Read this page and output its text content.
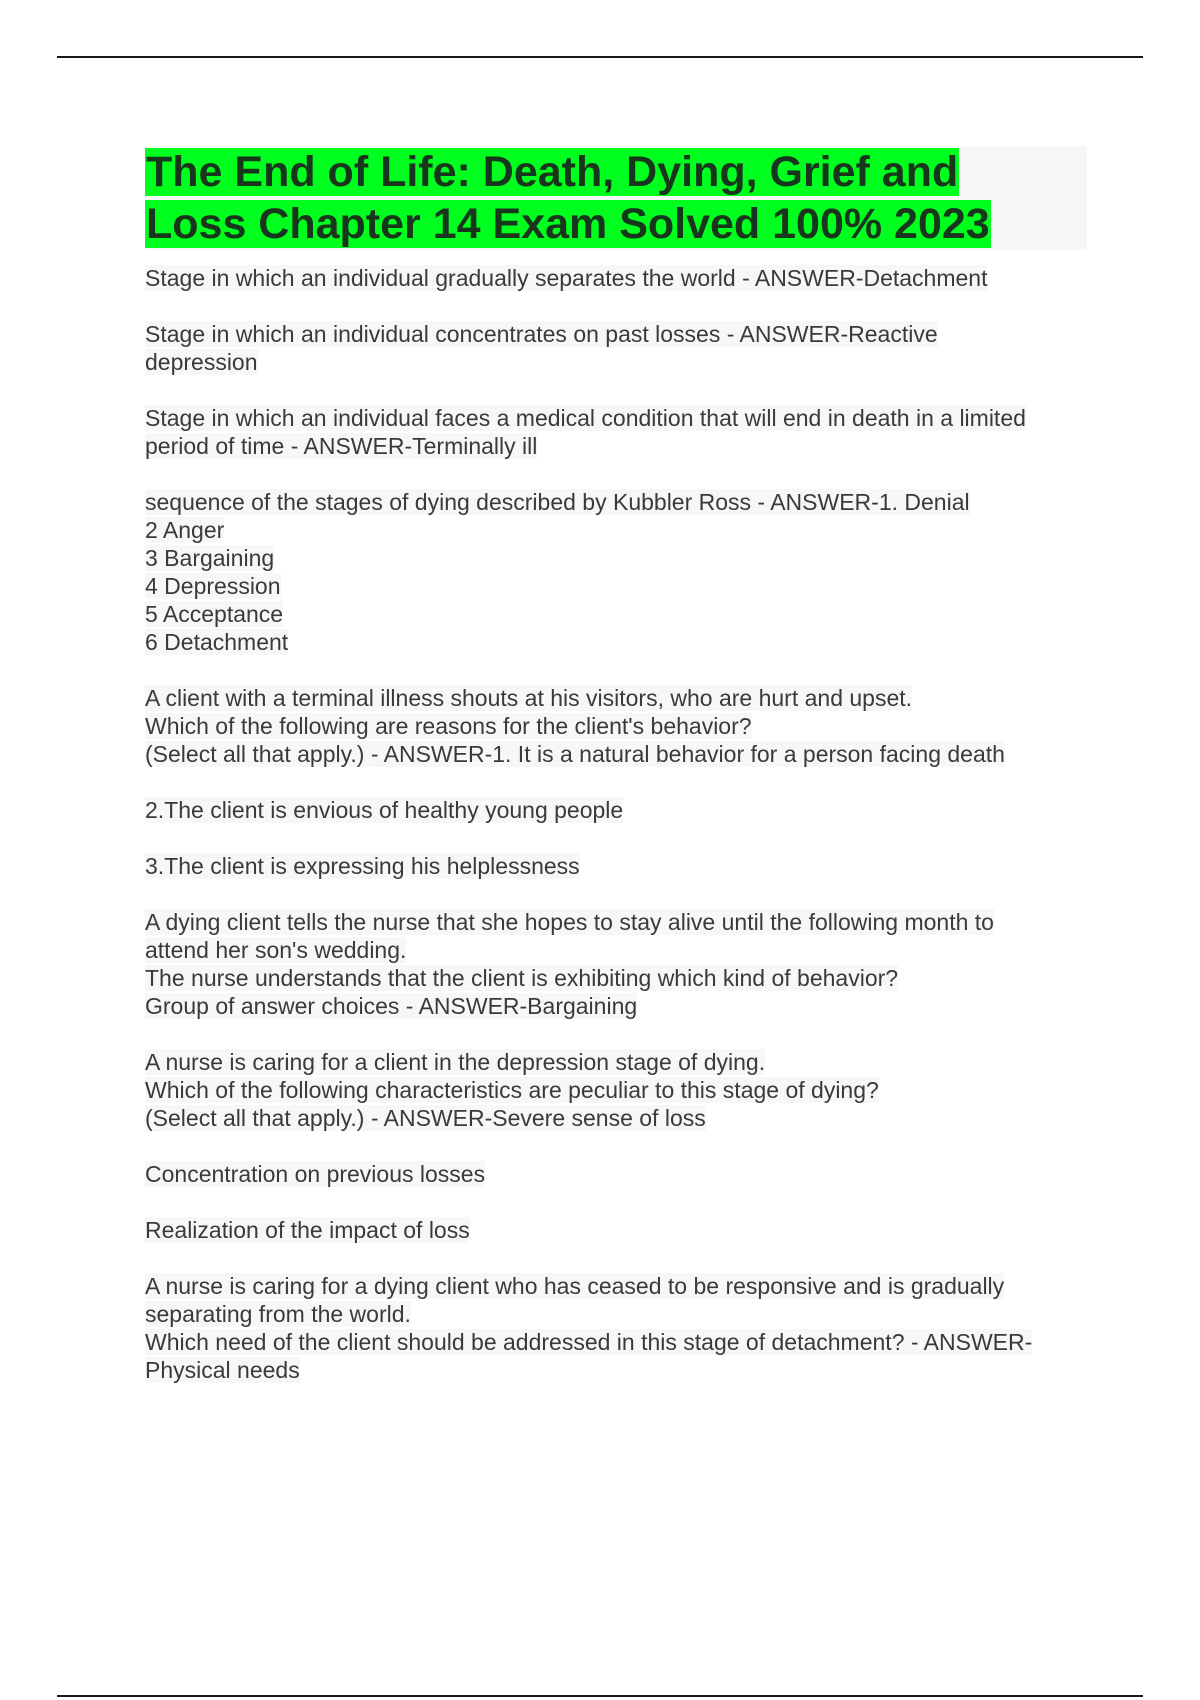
The End of Life: Death, Dying, Grief and
Loss Chapter 14 Exam Solved 100% 2023
Stage in which an individual gradually separates the world - ANSWER-Detachment
Stage in which an individual concentrates on past losses - ANSWER-Reactive
depression
Stage in which an individual faces a medical condition that will end in death in a limited
period of time - ANSWER-Terminally ill
sequence of the stages of dying described by Kubbler Ross - ANSWER-1. Denial
2 Anger
3 Bargaining
4 Depression
5 Acceptance
6 Detachment
A client with a terminal illness shouts at his visitors, who are hurt and upset.
Which of the following are reasons for the client's behavior?
(Select all that apply.) - ANSWER-1. It is a natural behavior for a person facing death
2.The client is envious of healthy young people
3.The client is expressing his helplessness
A dying client tells the nurse that she hopes to stay alive until the following month to
attend her son's wedding.
The nurse understands that the client is exhibiting which kind of behavior?
Group of answer choices - ANSWER-Bargaining
A nurse is caring for a client in the depression stage of dying.
Which of the following characteristics are peculiar to this stage of dying?
(Select all that apply.) - ANSWER-Severe sense of loss
Concentration on previous losses
Realization of the impact of loss
A nurse is caring for a dying client who has ceased to be responsive and is gradually
separating from the world.
Which need of the client should be addressed in this stage of detachment? - ANSWER-
Physical needs
